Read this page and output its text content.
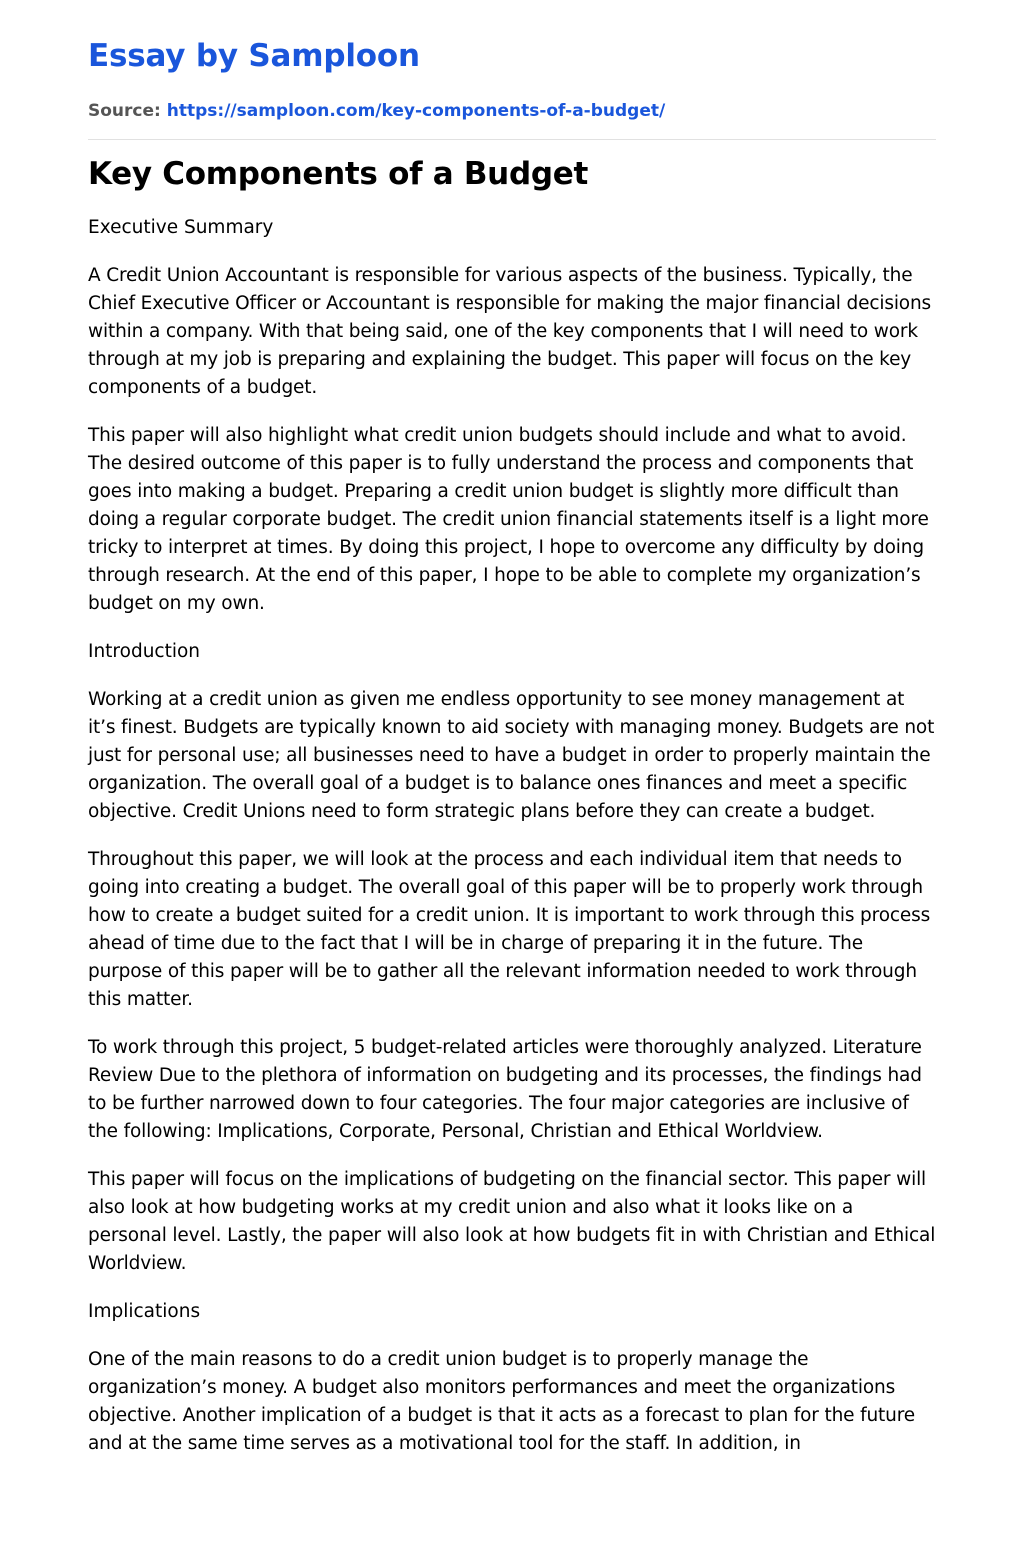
Essay by Samploon
Source: https://samploon.com/key-components-of-a-budget/
Key Components of a Budget
Executive Summary

A Credit Union Accountant is responsible for various aspects of the business. Typically, the Chief Executive Officer or Accountant is responsible for making the major financial decisions within a company. With that being said, one of the key components that I will need to work through at my job is preparing and explaining the budget. This paper will focus on the key components of a budget.

This paper will also highlight what credit union budgets should include and what to avoid. The desired outcome of this paper is to fully understand the process and components that goes into making a budget. Preparing a credit union budget is slightly more difficult than doing a regular corporate budget. The credit union financial statements itself is a light more tricky to interpret at times. By doing this project, I hope to overcome any difficulty by doing through research. At the end of this paper, I hope to be able to complete my organization’s budget on my own.

Introduction

Working at a credit union as given me endless opportunity to see money management at it’s finest. Budgets are typically known to aid society with managing money. Budgets are not just for personal use; all businesses need to have a budget in order to properly maintain the organization. The overall goal of a budget is to balance ones finances and meet a specific objective. Credit Unions need to form strategic plans before they can create a budget.

Throughout this paper, we will look at the process and each individual item that needs to going into creating a budget. The overall goal of this paper will be to properly work through how to create a budget suited for a credit union. It is important to work through this process ahead of time due to the fact that I will be in charge of preparing it in the future. The purpose of this paper will be to gather all the relevant information needed to work through this matter.

To work through this project, 5 budget-related articles were thoroughly analyzed. Literature Review Due to the plethora of information on budgeting and its processes, the findings had to be further narrowed down to four categories. The four major categories are inclusive of the following: Implications, Corporate, Personal, Christian and Ethical Worldview.

This paper will focus on the implications of budgeting on the financial sector. This paper will also look at how budgeting works at my credit union and also what it looks like on a personal level. Lastly, the paper will also look at how budgets fit in with Christian and Ethical Worldview.

Implications

One of the main reasons to do a credit union budget is to properly manage the organization’s money. A budget also monitors performances and meet the organizations objective. Another implication of a budget is that it acts as a forecast to plan for the future and at the same time serves as a motivational tool for the staff. In addition, in
